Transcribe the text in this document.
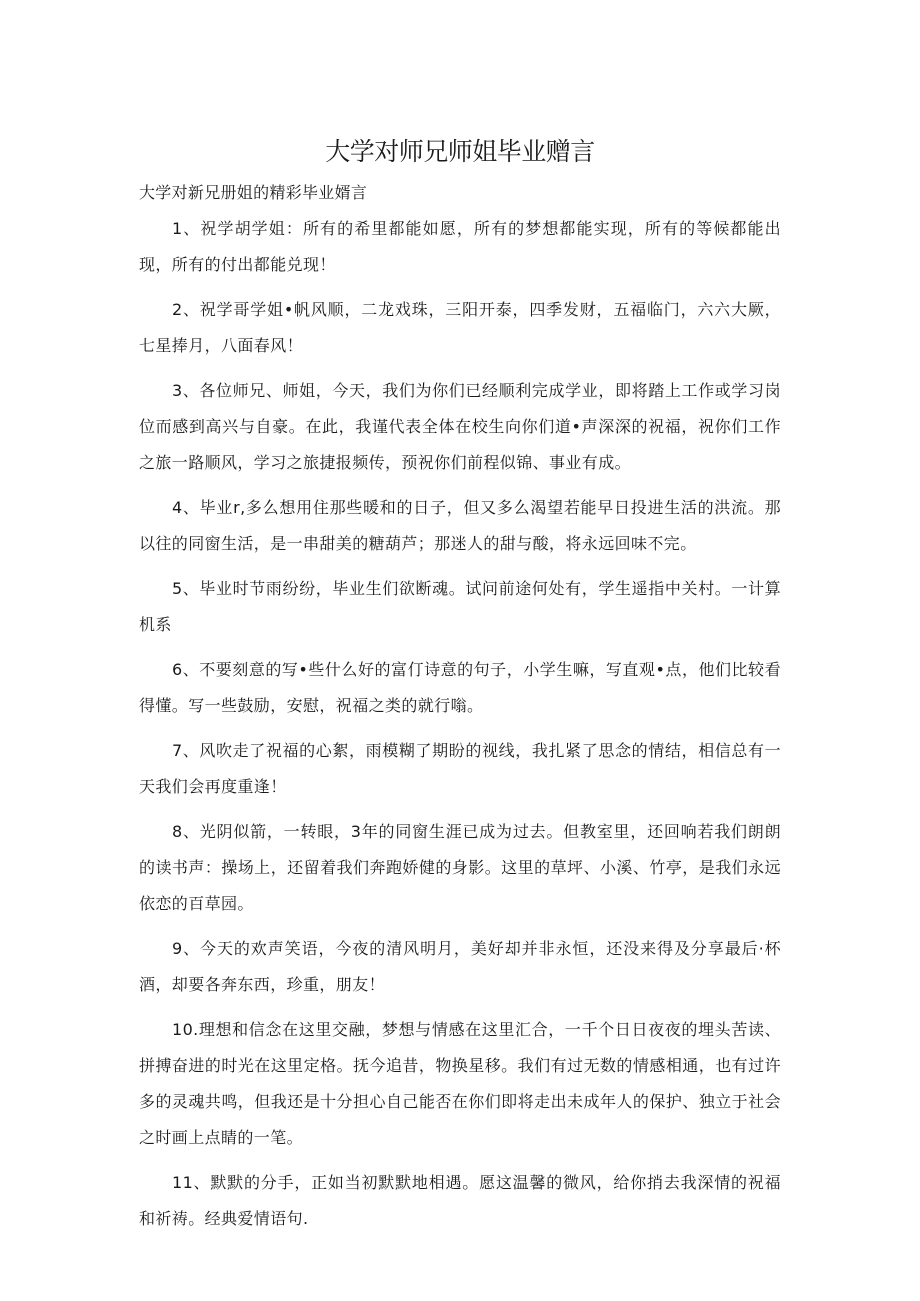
大学对师兄师姐毕业赠言

大学对新兄册姐的精彩毕业婿言

1、祝学胡学姐：所有的希里都能如愿，所有的梦想都能实现，所有的等候都能出现，所有的付出都能兑现！

2、祝学哥学姐•帆风顺，二龙戏珠，三阳开泰，四季发财，五福临门，六六大厥，七星捧月，八面春风！

3、各位师兄、师姐，今天，我们为你们已经顺利完成学业，即将踏上工作或学习岗位而感到高兴与自豪。在此，我谨代表全体在校生向你们道•声深深的祝福，祝你们工作之旅一路顺风，学习之旅捷报频传，预祝你们前程似锦、事业有成。

4、毕业r,多么想用住那些暖和的日子，但又多么渴望若能早日投进生活的洪流。那以往的同窗生活，是一串甜美的糖葫芦；那迷人的甜与酸，将永远回味不完。

5、毕业时节雨纷纷，毕业生们欲断魂。试问前途何处有，学生遥指中关村。一计算机系

6、不要刻意的写•些什么好的富仃诗意的句子，小学生嘛，写直观•点，他们比较看得懂。写一些鼓励，安慰，祝福之类的就行嗡。

7、风吹走了祝福的心絮，雨模糊了期盼的视线，我扎紧了思念的情结，相信总有一天我们会再度重逢！

8、光阴似箭，一转眼，3年的同窗生涯已成为过去。但教室里，还回响若我们朗朗的读书声：操场上，还留着我们奔跑娇健的身影。这里的草坪、小溪、竹亭，是我们永远依恋的百草园。

9、今天的欢声笑语，今夜的清风明月，美好却并非永恒，还没来得及分享最后·杯酒，却要各奔东西，珍重，朋友！

10.理想和信念在这里交融，梦想与情感在这里汇合，一千个日日夜夜的埋头苦读、拼搏奋进的时光在这里定格。抚今追昔，物换星移。我们有过无数的情感相通，也有过许多的灵魂共鸣，但我还是十分担心自己能否在你们即将走出未成年人的保护、独立于社会之时画上点睛的一笔。

11、默默的分手，正如当初默默地相遇。愿这温馨的微风，给你捎去我深情的祝福和祈祷。经典爱情语句.
